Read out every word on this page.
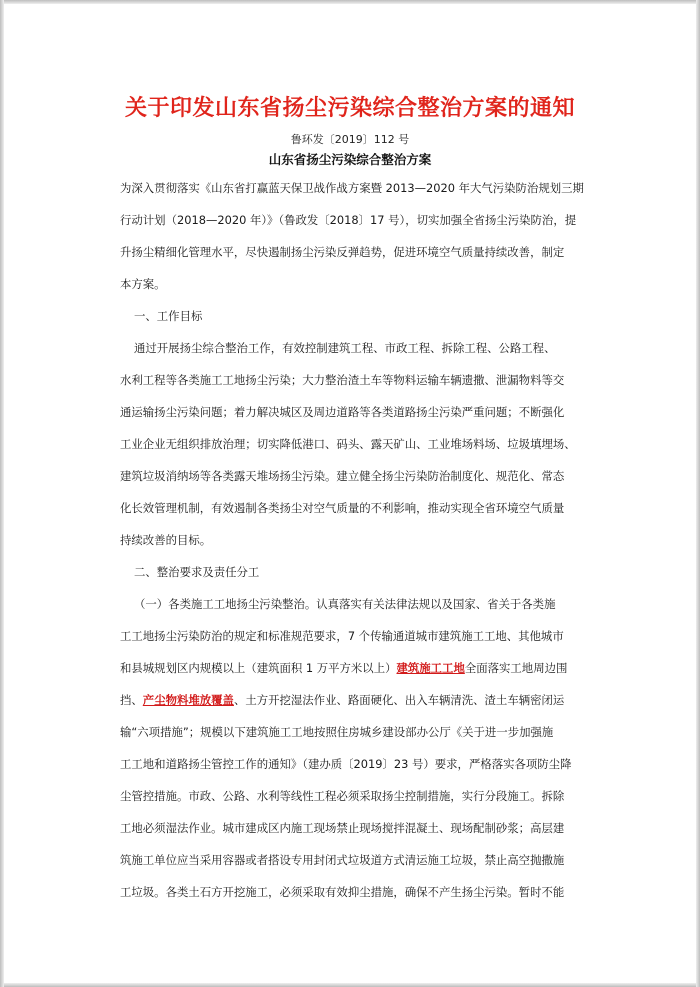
关于印发山东省扬尘污染综合整治方案的通知
鲁环发〔2019〕112 号
山东省扬尘污染综合整治方案
为深入贯彻落实《山东省打赢蓝天保卫战作战方案暨 2013—2020 年大气污染防治规划三期
行动计划（2018—2020 年）》（鲁政发〔2018〕17 号），切实加强全省扬尘污染防治，提
升扬尘精细化管理水平，尽快遏制扬尘污染反弹趋势，促进环境空气质量持续改善，制定
本方案。
一、工作目标
通过开展扬尘综合整治工作，有效控制建筑工程、市政工程、拆除工程、公路工程、
水利工程等各类施工工地扬尘污染；大力整治渣土车等物料运输车辆遗撒、泄漏物料等交
通运输扬尘污染问题；着力解决城区及周边道路等各类道路扬尘污染严重问题；不断强化
工业企业无组织排放治理；切实降低港口、码头、露天矿山、工业堆场料场、垃圾填埋场、
建筑垃圾消纳场等各类露天堆场扬尘污染。建立健全扬尘污染防治制度化、规范化、常态
化长效管理机制，有效遏制各类扬尘对空气质量的不利影响，推动实现全省环境空气质量
持续改善的目标。
二、整治要求及责任分工
（一）各类施工工地扬尘污染整治。认真落实有关法律法规以及国家、省关于各类施
工工地扬尘污染防治的规定和标准规范要求，7 个传输通道城市建筑施工工地、其他城市
和县城规划区内规模以上（建筑面积 1 万平方米以上）建筑施工工地全面落实工地周边围
挡、产尘物料堆放覆盖、土方开挖湿法作业、路面硬化、出入车辆清洗、渣土车辆密闭运
输“六项措施”；规模以下建筑施工工地按照住房城乡建设部办公厅《关于进一步加强施
工工地和道路扬尘管控工作的通知》（建办质〔2019〕23 号）要求，严格落实各项防尘降
尘管控措施。市政、公路、水利等线性工程必须采取扬尘控制措施，实行分段施工。拆除
工地必须湿法作业。城市建成区内施工现场禁止现场搅拌混凝土、现场配制砂浆；高层建
筑施工单位应当采用容器或者搭设专用封闭式垃圾道方式清运施工垃圾，禁止高空抛撒施
工垃圾。各类土石方开挖施工，必须采取有效抑尘措施，确保不产生扬尘污染。暂时不能
